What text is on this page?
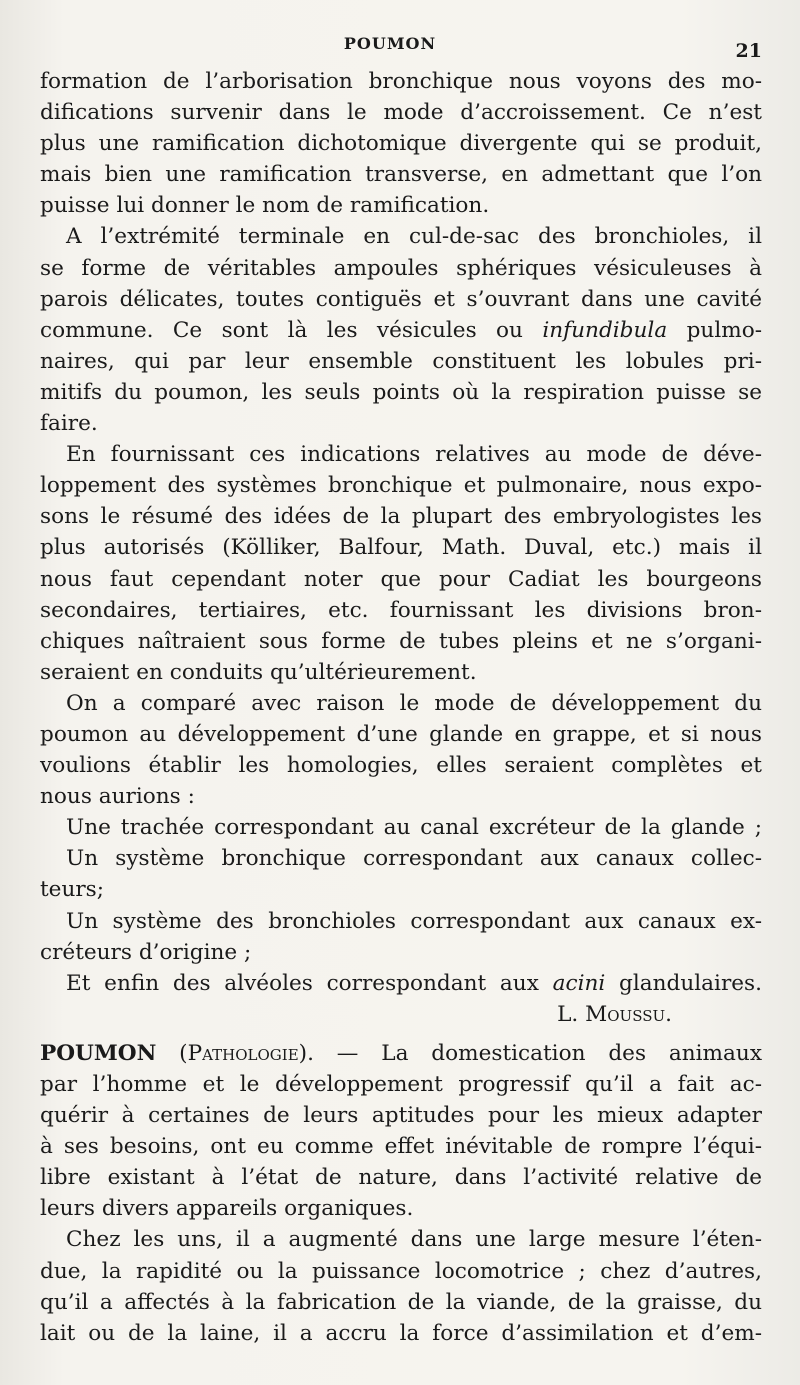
POUMON	21
formation de l’arborisation bronchique nous voyons des mo-
difications survenir dans le mode d’accroissement. Ce n’est
plus une ramification dichotomique divergente qui se produit,
mais bien une ramification transverse, en admettant que l’on
puisse lui donner le nom de ramification.
A l’extrémité terminale en cul-de-sac des bronchioles, il
se forme de véritables ampoules sphériques vésiculeuses à
parois délicates, toutes contiguës et s’ouvrant dans une cavité
commune. Ce sont là les vésicules ou infundibula pulmo-
naires, qui par leur ensemble constituent les lobules pri-
mitifs du poumon, les seuls points où la respiration puisse se
faire.
En fournissant ces indications relatives au mode de déve-
loppement des systèmes bronchique et pulmonaire, nous expo-
sons le résumé des idées de la plupart des embryologistes les
plus autorisés (Kölliker, Balfour, Math. Duval, etc.) mais il
nous faut cependant noter que pour Cadiat les bourgeons
secondaires, tertiaires, etc. fournissant les divisions bron-
chiques naîtraient sous forme de tubes pleins et ne s’organi-
seraient en conduits qu’ultérieurement.
On a comparé avec raison le mode de développement du
poumon au développement d’une glande en grappe, et si nous
voulions établir les homologies, elles seraient complètes et
nous aurions :
Une trachée correspondant au canal excréteur de la glande ;
Un système bronchique correspondant aux canaux collec-
teurs;
Un système des bronchioles correspondant aux canaux ex-
créteurs d’origine ;
Et enfin des alvéoles correspondant aux acini glandulaires.
L. Moussu.
POUMON (Pathologie). — La domestication des animaux
par l’homme et le développement progressif qu’il a fait ac-
quérir à certaines de leurs aptitudes pour les mieux adapter
à ses besoins, ont eu comme effet inévitable de rompre l’équi-
libre existant à l’état de nature, dans l’activité relative de
leurs divers appareils organiques.
Chez les uns, il a augmenté dans une large mesure l’éten-
due, la rapidité ou la puissance locomotrice ; chez d’autres,
qu’il a affectés à la fabrication de la viande, de la graisse, du
lait ou de la laine, il a accru la force d’assimilation et d’em-
